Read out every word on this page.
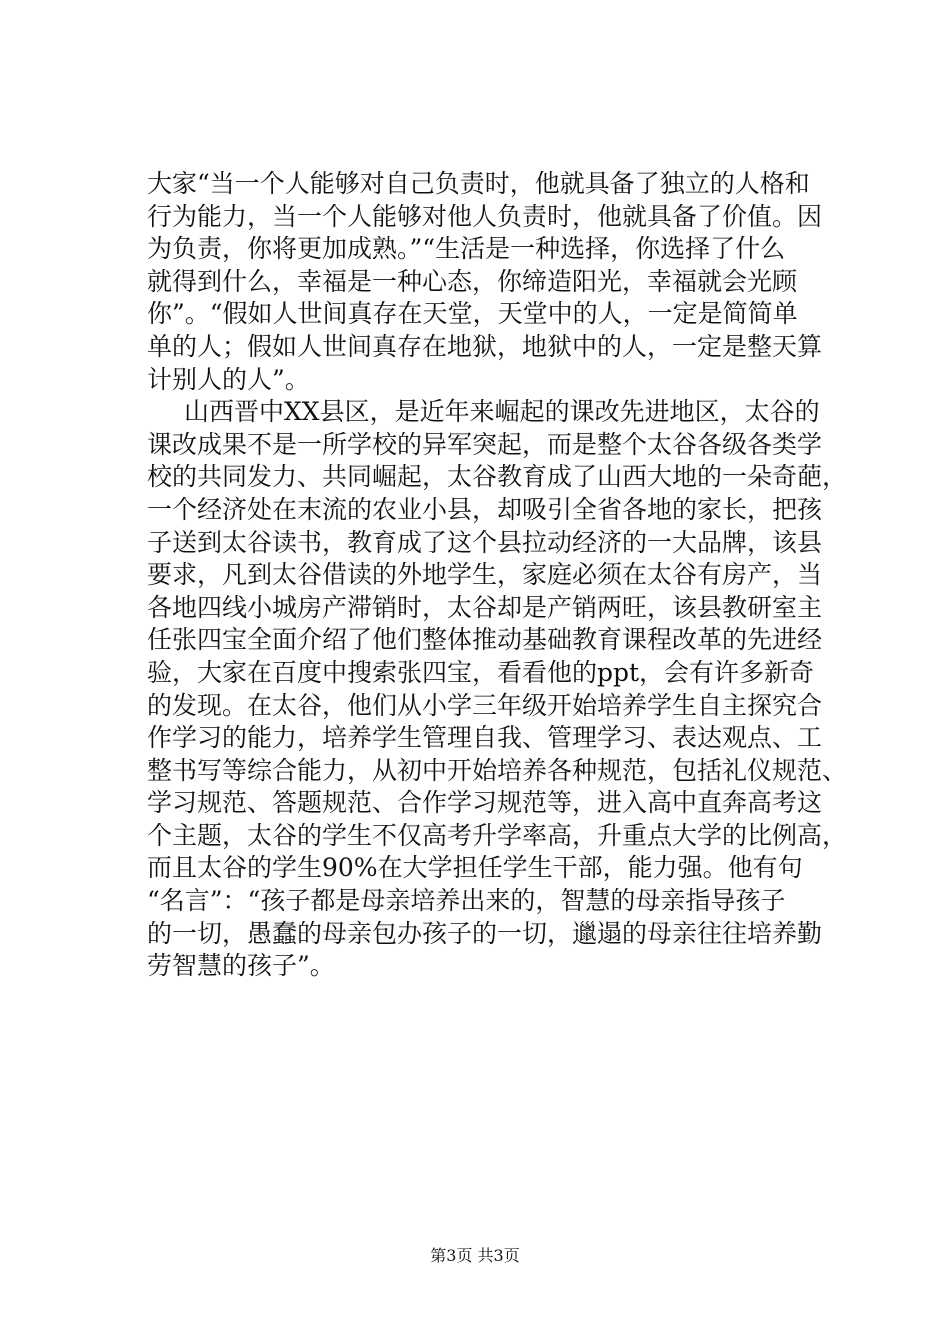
大家“当一个人能够对自己负责时，他就具备了独立的人格和
行为能力，当一个人能够对他人负责时，他就具备了价值。因
为负责，你将更加成熟。”“生活是一种选择，你选择了什么
就得到什么，幸福是一种心态，你缔造阳光，幸福就会光顾
你”。“假如人世间真存在天堂，天堂中的人，一定是简简单
单的人；假如人世间真存在地狱，地狱中的人，一定是整天算
计别人的人”。
山西晋中XX县区，是近年来崛起的课改先进地区，太谷的
课改成果不是一所学校的异军突起，而是整个太谷各级各类学
校的共同发力、共同崛起，太谷教育成了山西大地的一朵奇葩，
一个经济处在末流的农业小县，却吸引全省各地的家长，把孩
子送到太谷读书，教育成了这个县拉动经济的一大品牌，该县
要求，凡到太谷借读的外地学生，家庭必须在太谷有房产，当
各地四线小城房产滞销时，太谷却是产销两旺，该县教研室主
任张四宝全面介绍了他们整体推动基础教育课程改革的先进经
验，大家在百度中搜索张四宝，看看他的ppt，会有许多新奇
的发现。在太谷，他们从小学三年级开始培养学生自主探究合
作学习的能力，培养学生管理自我、管理学习、表达观点、工
整书写等综合能力，从初中开始培养各种规范，包括礼仪规范、
学习规范、答题规范、合作学习规范等，进入高中直奔高考这
个主题，太谷的学生不仅高考升学率高，升重点大学的比例高，
而且太谷的学生90%在大学担任学生干部，能力强。他有句
“名言”：“孩子都是母亲培养出来的，智慧的母亲指导孩子
的一切，愚蠢的母亲包办孩子的一切，邋遢的母亲往往培养勤
劳智慧的孩子”。
第3页 共3页
